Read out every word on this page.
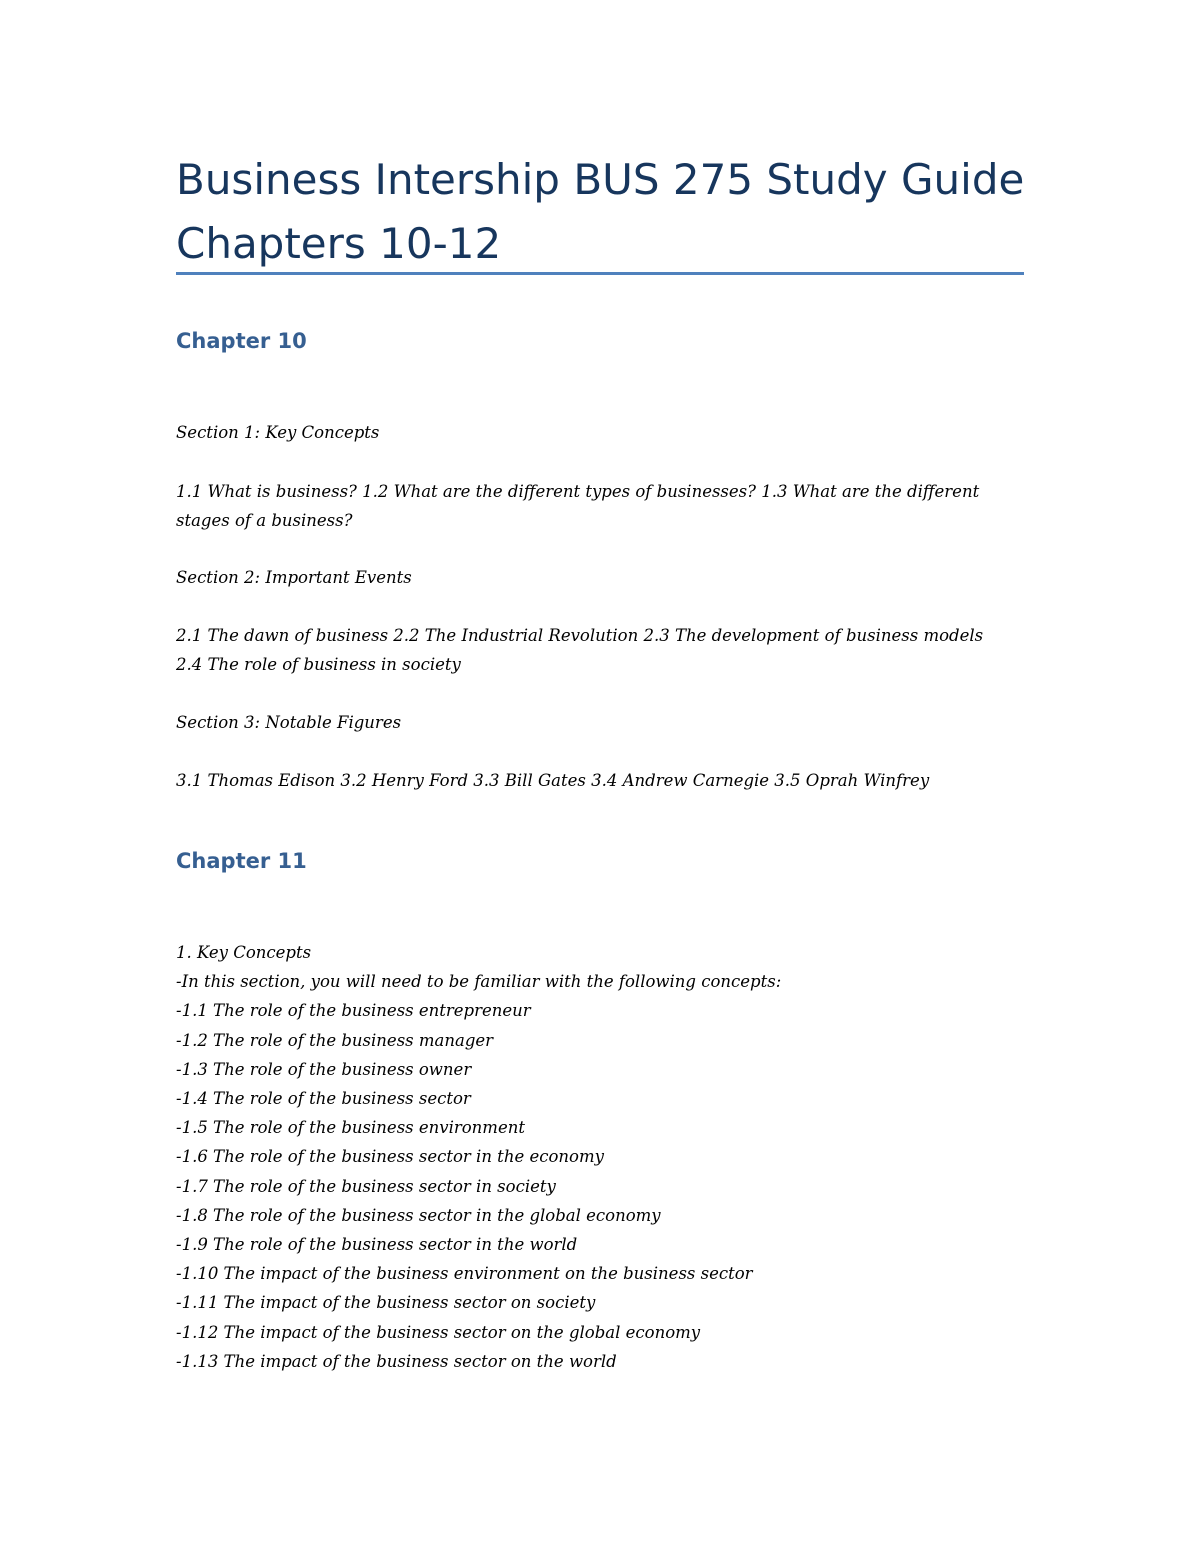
Business Intership BUS 275 Study Guide
Chapters 10-12
Chapter 10

Section 1: Key Concepts

1.1 What is business? 1.2 What are the different types of businesses? 1.3 What are the different stages of a business?

Section 2: Important Events

2.1 The dawn of business 2.2 The Industrial Revolution 2.3 The development of business models

2.4 The role of business in society

Section 3: Notable Figures

3.1 Thomas Edison 3.2 Henry Ford 3.3 Bill Gates 3.4 Andrew Carnegie 3.5 Oprah Winfrey

Chapter 11
1. Key Concepts
-In this section, you will need to be familiar with the following concepts:
-1.1 The role of the business entrepreneur
-1.2 The role of the business manager
-1.3 The role of the business owner
-1.4 The role of the business sector
-1.5 The role of the business environment
-1.6 The role of the business sector in the economy
-1.7 The role of the business sector in society
-1.8 The role of the business sector in the global economy
-1.9 The role of the business sector in the world
-1.10 The impact of the business environment on the business sector
-1.11 The impact of the business sector on society
-1.12 The impact of the business sector on the global economy
-1.13 The impact of the business sector on the world
